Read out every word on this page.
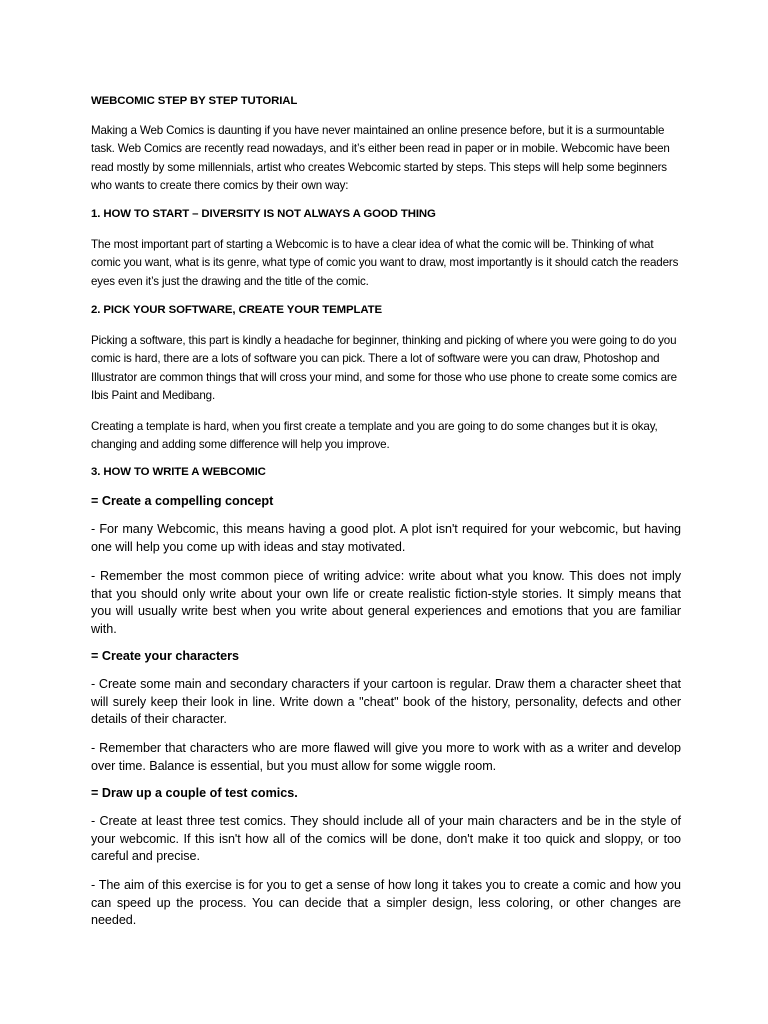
WEBCOMIC STEP BY STEP TUTORIAL
Making a Web Comics is daunting if you have never maintained an online presence before, but it is a surmountable task. Web Comics are recently read nowadays, and it’s either been read in paper or in mobile. Webcomic have been read mostly by some millennials, artist who creates Webcomic started by steps. This steps will help some beginners who wants to create there comics by their own way:
1. HOW TO START – DIVERSITY IS NOT ALWAYS A GOOD THING
The most important part of starting a Webcomic is to have a clear idea of what the comic will be. Thinking of what comic you want, what is its genre, what type of comic you want to draw, most importantly is it should catch the readers eyes even it’s just the drawing and the title of the comic.
2. PICK YOUR SOFTWARE, CREATE YOUR TEMPLATE
Picking a software, this part is kindly a headache for beginner, thinking and picking of where you were going to do you comic is hard, there are a lots of software you can pick. There a lot of software were you can draw, Photoshop and Illustrator are common things that will cross your mind, and some for those who use phone to create some comics are Ibis Paint and Medibang.
Creating a template is hard, when you first create a template and you are going to do some changes but it is okay, changing and adding some difference will help you improve.
3. HOW TO WRITE A WEBCOMIC
= Create a compelling concept
- For many Webcomic, this means having a good plot. A plot isn't required for your webcomic, but having one will help you come up with ideas and stay motivated.
- Remember the most common piece of writing advice: write about what you know. This does not imply that you should only write about your own life or create realistic fiction-style stories. It simply means that you will usually write best when you write about general experiences and emotions that you are familiar with.
= Create your characters
- Create some main and secondary characters if your cartoon is regular. Draw them a character sheet that will surely keep their look in line. Write down a "cheat" book of the history, personality, defects and other details of their character.
- Remember that characters who are more flawed will give you more to work with as a writer and develop over time. Balance is essential, but you must allow for some wiggle room.
= Draw up a couple of test comics.
- Create at least three test comics. They should include all of your main characters and be in the style of your webcomic. If this isn't how all of the comics will be done, don't make it too quick and sloppy, or too careful and precise.
- The aim of this exercise is for you to get a sense of how long it takes you to create a comic and how you can speed up the process. You can decide that a simpler design, less coloring, or other changes are needed.
